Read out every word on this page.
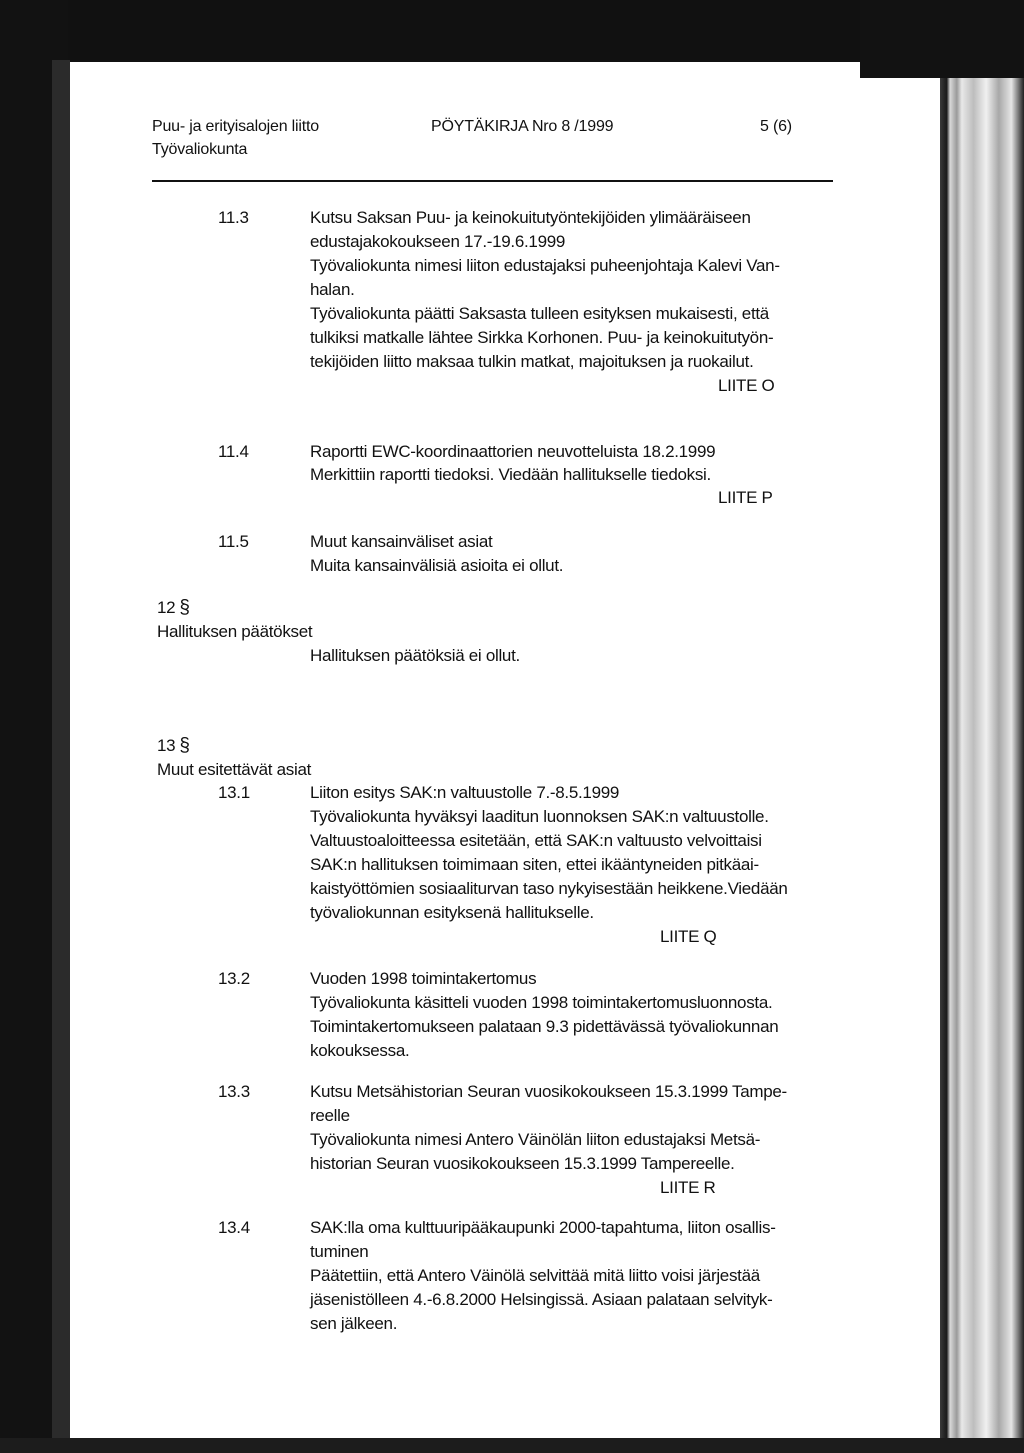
Puu- ja erityisalojen liitto
Työvaliokunta
PÖYTÄKIRJA Nro 8 /1999	5 (6)
11.3	Kutsu Saksan Puu- ja keinokuitutyöntekijöiden ylimääräiseen
edustajakokoukseen 17.-19.6.1999
Työvaliokunta nimesi liiton edustajaksi puheenjohtaja Kalevi Van-
halan.
Työvaliokunta päätti Saksasta tulleen esityksen mukaisesti, että
tulkiksi matkalle lähtee Sirkka Korhonen. Puu- ja keinokuitutyön-
tekijöiden liitto maksaa tulkin matkat, majoituksen ja ruokailut.
LIITE O
11.4	Raportti EWC-koordinaattorien neuvotteluista 18.2.1999
Merkittiin raportti tiedoksi. Viedään hallitukselle tiedoksi.
LIITE P
11.5	Muut kansainväliset asiat
Muita kansainvälisiä asioita ei ollut.
12 §
Hallituksen päätökset
Hallituksen päätöksiä ei ollut.
13 §
Muut esitettävät asiat
13.1	Liiton esitys SAK:n valtuustolle 7.-8.5.1999
Työvaliokunta hyväksyi laaditun luonnoksen SAK:n valtuustolle.
Valtuustoaloitteessa esitetään, että SAK:n valtuusto velvoittaisi
SAK:n hallituksen toimimaan siten, ettei ikääntyneiden pitkäai-
kaistyöttömien sosiaaliturvan taso nykyisestään heikkene.Viedään
työvaliokunnan esityksenä hallitukselle.
LIITE Q
13.2	Vuoden 1998 toimintakertomus
Työvaliokunta käsitteli vuoden 1998 toimintakertomusluonnosta.
Toimintakertomukseen palataan 9.3 pidettävässä työvaliokunnan
kokouksessa.
13.3	Kutsu Metsähistorian Seuran vuosikokoukseen 15.3.1999 Tampe-
reelle
Työvaliokunta nimesi Antero Väinölän liiton edustajaksi Metsä-
historian Seuran vuosikokoukseen 15.3.1999 Tampereelle.
LIITE R
13.4	SAK:lla oma kulttuuripääkaupunki 2000-tapahtuma, liiton osallis-
tuminen
Päätettiin, että Antero Väinölä selvittää mitä liitto voisi järjestää
jäsenistölleen 4.-6.8.2000 Helsingissä. Asiaan palataan selvityk-
sen jälkeen.
